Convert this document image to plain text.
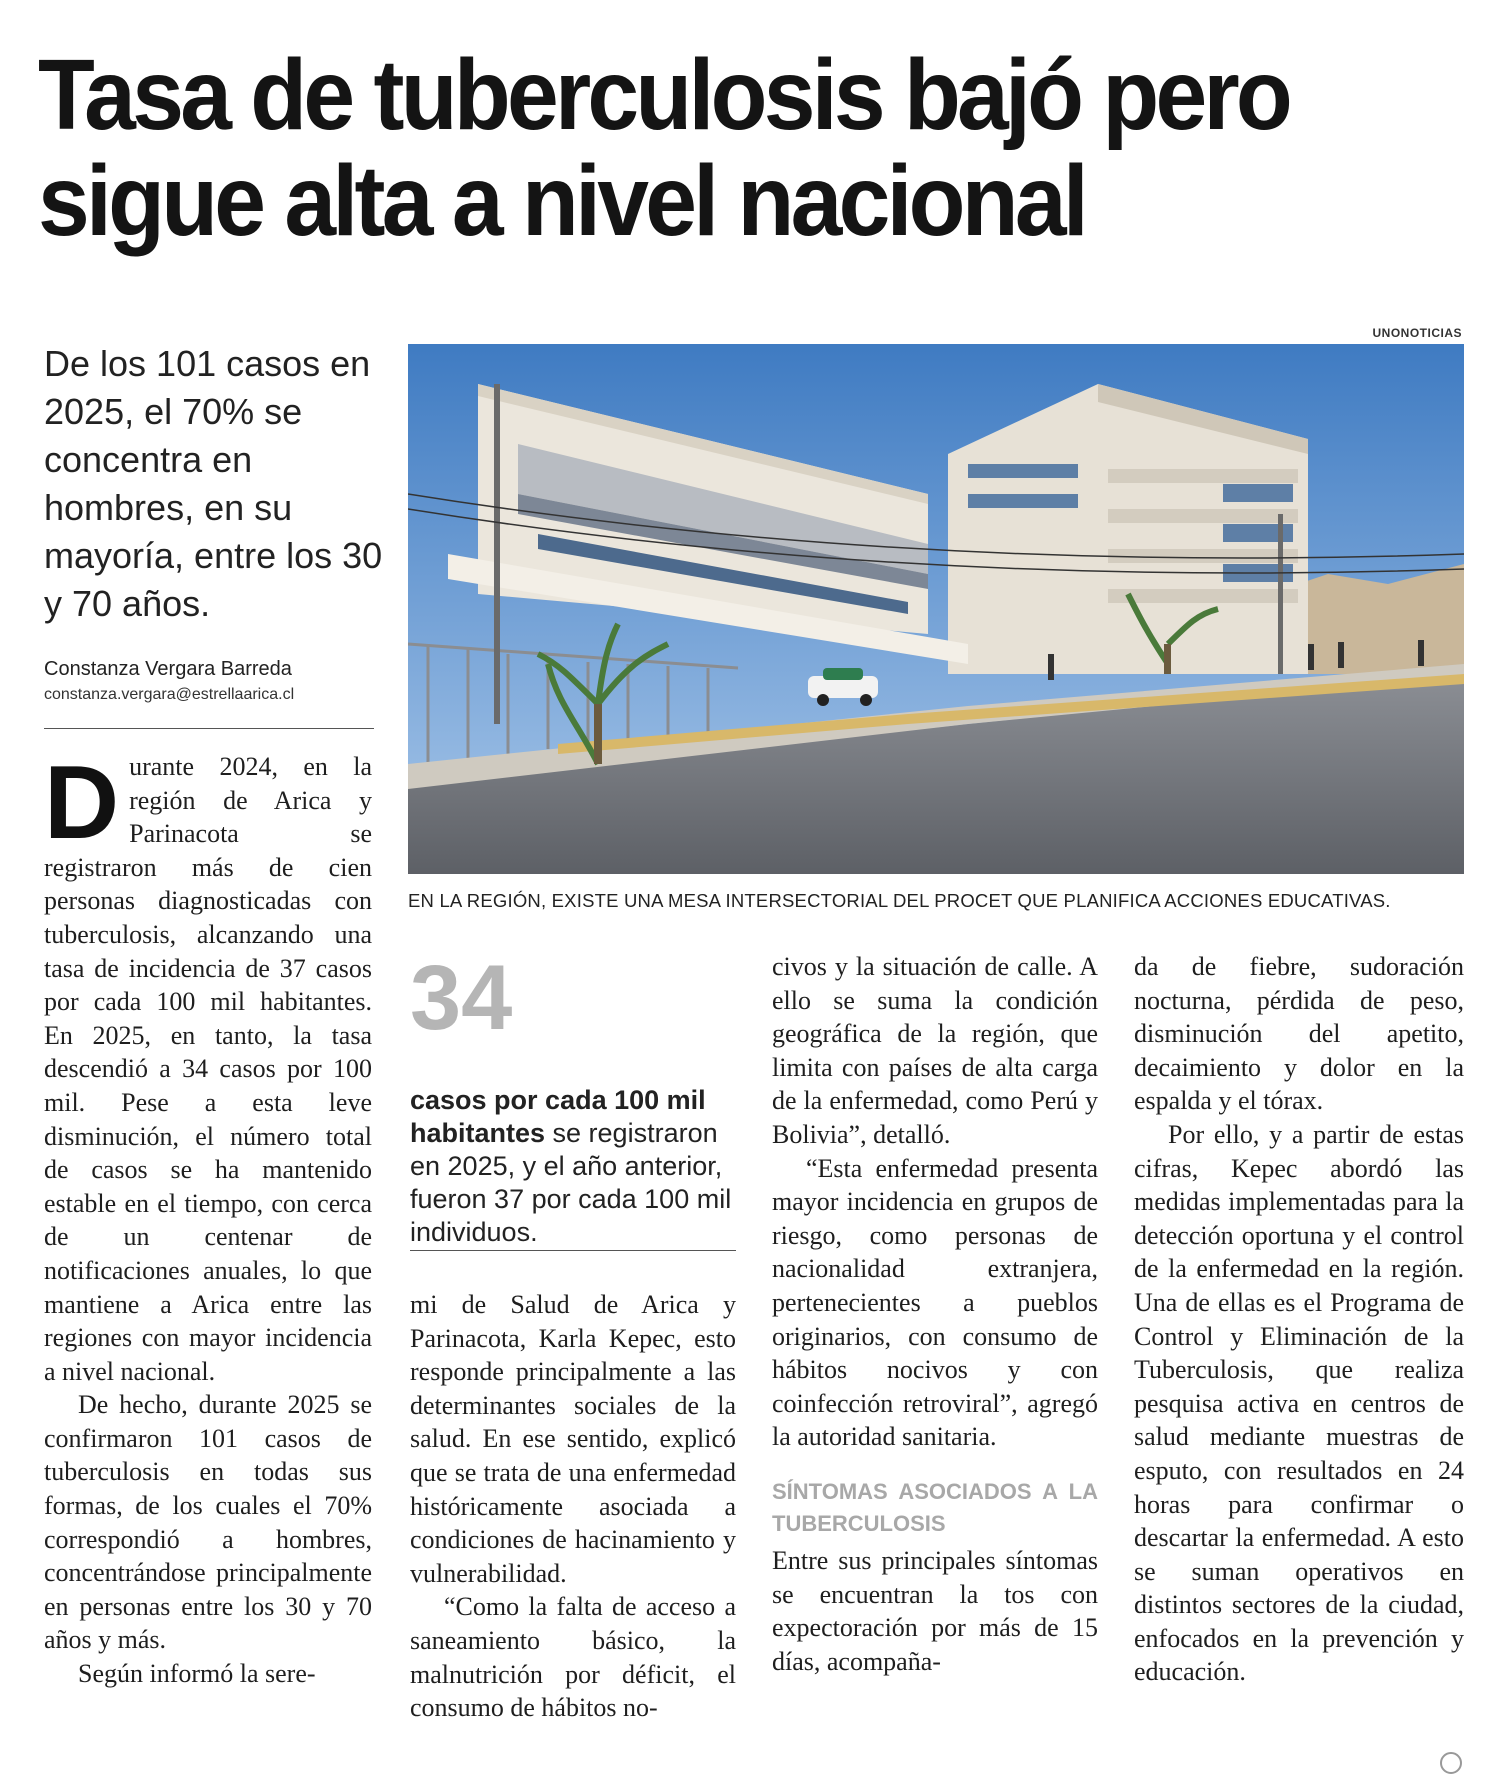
Tasa de tuberculosis bajó pero sigue alta a nivel nacional
De los 101 casos en 2025, el 70% se concentra en hombres, en su mayoría, entre los 30 y 70 años.
Constanza Vergara Barreda
constanza.vergara@estrellaarica.cl
UNONOTICIAS
EN LA REGIÓN, EXISTE UNA MESA INTERSECTORIAL DEL PROCET QUE PLANIFICA ACCIONES EDUCATIVAS.

Durante 2024, en la región de Arica y Parinacota se registraron más de cien personas diagnosticadas con tuberculosis, alcanzando una tasa de incidencia de 37 casos por cada 100 mil habitantes. En 2025, en tanto, la tasa descendió a 34 casos por 100 mil. Pese a esta leve disminución, el número total de casos se ha mantenido estable en el tiempo, con cerca de un centenar de notificaciones anuales, lo que mantiene a Arica entre las regiones con mayor incidencia a nivel nacional.

De hecho, durante 2025 se confirmaron 101 casos de tuberculosis en todas sus formas, de los cuales el 70% correspondió a hombres, concentrándose principalmente en personas entre los 30 y 70 años y más.

Según informó la sere-

34
casos por cada 100 mil habitantes se registraron en 2025, y el año anterior, fueron 37 por cada 100 mil individuos.

mi de Salud de Arica y Parinacota, Karla Kepec, esto responde principalmente a las determinantes sociales de la salud. En ese sentido, explicó que se trata de una enfermedad históricamente asociada a condiciones de hacinamiento y vulnerabilidad.

“Como la falta de acceso a saneamiento básico, la malnutrición por déficit, el consumo de hábitos no-

civos y la situación de calle. A ello se suma la condición geográfica de la región, que limita con países de alta carga de la enfermedad, como Perú y Bolivia”, detalló.

“Esta enfermedad presenta mayor incidencia en grupos de riesgo, como personas de nacionalidad extranjera, pertenecientes a pueblos originarios, con consumo de hábitos nocivos y con coinfección retroviral”, agregó la autoridad sanitaria.

SÍNTOMAS ASOCIADOS A LA TUBERCULOSIS

Entre sus principales síntomas se encuentran la tos con expectoración por más de 15 días, acompaña-

da de fiebre, sudoración nocturna, pérdida de peso, disminución del apetito, decaimiento y dolor en la espalda y el tórax.

Por ello, y a partir de estas cifras, Kepec abordó las medidas implementadas para la detección oportuna y el control de la enfermedad en la región. Una de ellas es el Programa de Control y Eliminación de la Tuberculosis, que realiza pesquisa activa en centros de salud mediante muestras de esputo, con resultados en 24 horas para confirmar o descartar la enfermedad. A esto se suman operativos en distintos sectores de la ciudad, enfocados en la prevención y educación.
